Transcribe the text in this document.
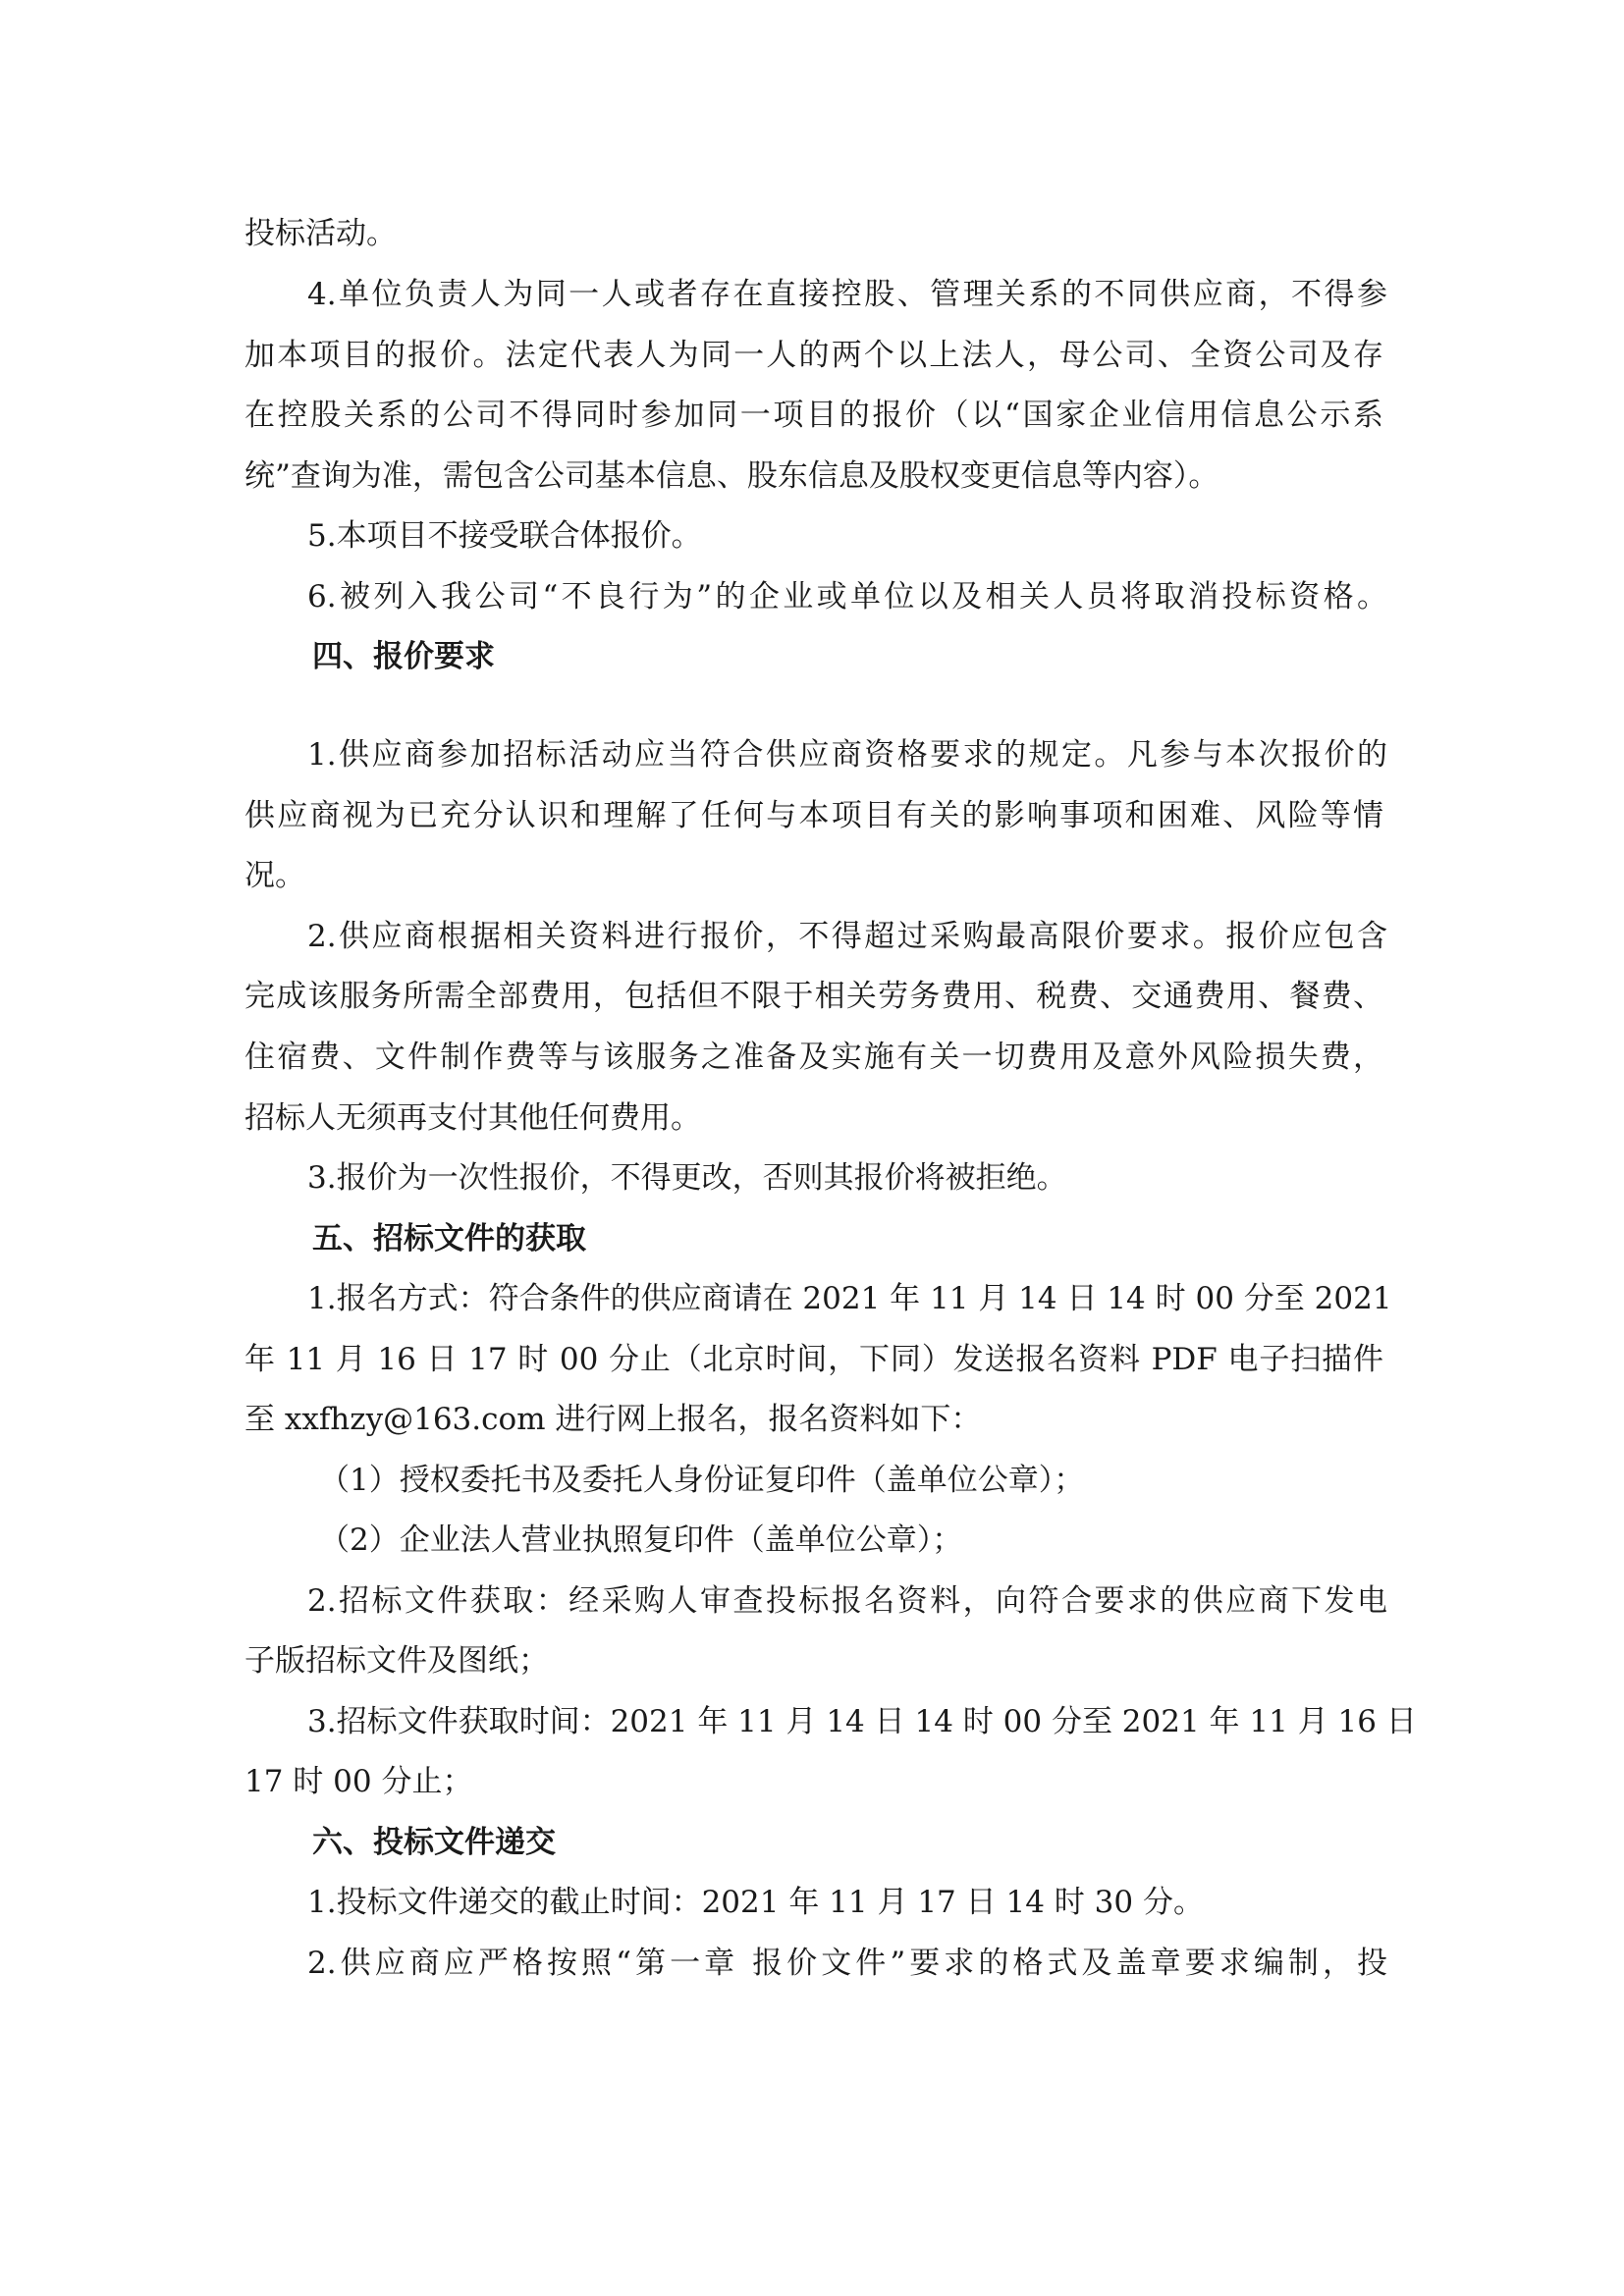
投标活动。
4.单位负责人为同一人或者存在直接控股、管理关系的不同供应商，不得参
加本项目的报价。法定代表人为同一人的两个以上法人，母公司、全资公司及存
在控股关系的公司不得同时参加同一项目的报价（以“国家企业信用信息公示系
统”查询为准，需包含公司基本信息、股东信息及股权变更信息等内容）。
5.本项目不接受联合体报价。
6.被列入我公司“不良行为”的企业或单位以及相关人员将取消投标资格。
四、报价要求
1.供应商参加招标活动应当符合供应商资格要求的规定。凡参与本次报价的
供应商视为已充分认识和理解了任何与本项目有关的影响事项和困难、风险等情
况。
2.供应商根据相关资料进行报价，不得超过采购最高限价要求。报价应包含
完成该服务所需全部费用，包括但不限于相关劳务费用、税费、交通费用、餐费、
住宿费、文件制作费等与该服务之准备及实施有关一切费用及意外风险损失费，
招标人无须再支付其他任何费用。
3.报价为一次性报价，不得更改，否则其报价将被拒绝。
五、招标文件的获取
1.报名方式：符合条件的供应商请在 2021 年 11 月 14 日 14 时 00 分至 2021
年 11 月 16 日 17 时 00 分止（北京时间，下同）发送报名资料 PDF 电子扫描件
至 xxfhzy@163.com 进行网上报名，报名资料如下：
（1）授权委托书及委托人身份证复印件（盖单位公章）；
（2）企业法人营业执照复印件（盖单位公章）；
2.招标文件获取：经采购人审查投标报名资料，向符合要求的供应商下发电
子版招标文件及图纸；
3.招标文件获取时间：2021 年 11 月 14 日 14 时 00 分至 2021 年 11 月 16 日
17 时 00 分止；
六、投标文件递交
1.投标文件递交的截止时间：2021 年 11 月 17 日 14 时 30 分。
2.供应商应严格按照“第一章 报价文件”要求的格式及盖章要求编制，投
